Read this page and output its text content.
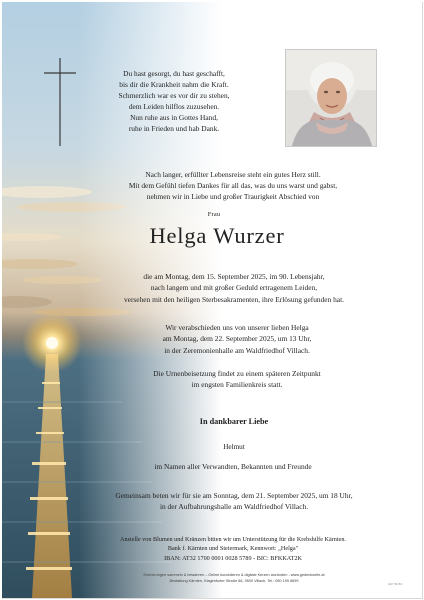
Du hast gesorgt, du hast geschafft,
bis dir die Krankheit nahm die Kraft.
Schmerzlich war es vor dir zu stehen,
dem Leiden hilflos zuzusehen.
Nun ruhe aus in Gottes Hand,
ruhe in Frieden und hab Dank.
Nach langer, erfüllter Lebensreise steht ein gutes Herz still.
Mit dem Gefühl tiefen Dankes für all das, was du uns warst und gabst,
nehmen wir in Liebe und großer Traurigkeit Abschied von
Frau
Helga Wurzer
die am Montag, dem 15. September 2025, im 90. Lebensjahr,
nach langem und mit großer Geduld ertragenem Leiden,
versehen mit den heiligen Sterbesakramenten, ihre Erlösung gefunden hat.
Wir verabschieden uns von unserer lieben Helga
am Montag, dem 22. September 2025, um 13 Uhr,
in der Zeremonienhalle am Waldfriedhof Villach.
Die Urnenbeisetzung findet zu einem späteren Zeitpunkt
im engsten Familienkreis statt.
In dankbarer Liebe
Helmut
im Namen aller Verwandten, Bekannten und Freunde
Gemeinsam beten wir für sie am Sonntag, dem 21. September 2025, um 18 Uhr,
in der Aufbahrungshalle am Waldfriedhof Villach.
Anstelle von Blumen und Kränzen bitten wir um Unterstützung für die Krebshilfe Kärnten.
Bank f. Kärnten und Steiermark, Kennwort: „Helga"
IBAN: AT32 1700 0001 0028 5789 - BIC: BFKKAT2K
Erinnerungen sammeln & bewahren – Online kondolieren & digitale Kerzen anzünden - www.gedenkseite.at
Bestattung Kärnten, Klagenfurter Straße 86, 9500 Villach, Tel.: 050 199 6699
G07 96 83
